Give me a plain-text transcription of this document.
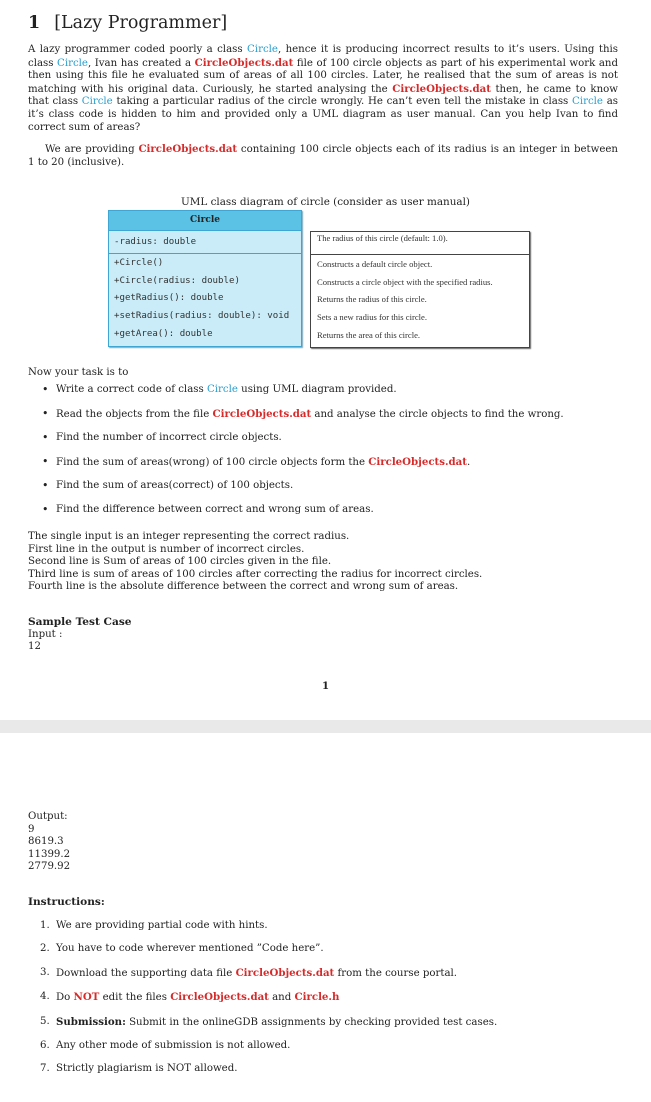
1 [Lazy Programmer]

A lazy programmer coded poorly a class Circle, hence it is producing incorrect results to it’s users. Using this class Circle, Ivan has created a CircleObjects.dat file of 100 circle objects as part of his experimental work and then using this file he evaluated sum of areas of all 100 circles. Later, he realised that the sum of areas is not matching with his original data. Curiously, he started analysing the CircleObjects.dat then, he came to know that class Circle taking a particular radius of the circle wrongly. He can’t even tell the mistake in class Circle as it’s class code is hidden to him and provided only a UML diagram as user manual. Can you help Ivan to find correct sum of areas?

We are providing CircleObjects.dat containing 100 circle objects each of its radius is an integer in between 1 to 20 (inclusive).

UML class diagram of circle (consider as user manual)
Circle
-radius: double
+Circle()
+Circle(radius: double)
+getRadius(): double
+setRadius(radius: double): void
+getArea(): double
The radius of this circle (default: 1.0).
Constructs a default circle object.
Constructs a circle object with the specified radius.
Returns the radius of this circle.
Sets a new radius for this circle.
Returns the area of this circle.
Now your task is to
• Write a correct code of class Circle using UML diagram provided.
• Read the objects from the file CircleObjects.dat and analyse the circle objects to find the wrong.
• Find the number of incorrect circle objects.
• Find the sum of areas(wrong) of 100 circle objects form the CircleObjects.dat.
• Find the sum of areas(correct) of 100 objects.
• Find the difference between correct and wrong sum of areas.
The single input is an integer representing the correct radius.
First line in the output is number of incorrect circles.
Second line is Sum of areas of 100 circles given in the file.
Third line is sum of areas of 100 circles after correcting the radius for incorrect circles.
Fourth line is the absolute difference between the correct and wrong sum of areas.
Sample Test Case
Input :
12
1
Output:
9
8619.3
11399.2
2779.92
Instructions:
1. We are providing partial code with hints.
2. You have to code wherever mentioned ”Code here”.
3. Download the supporting data file CircleObjects.dat from the course portal.
4. Do NOT edit the files CircleObjects.dat and Circle.h
5. Submission: Submit in the onlineGDB assignments by checking provided test cases.
6. Any other mode of submission is not allowed.
7. Strictly plagiarism is NOT allowed.
